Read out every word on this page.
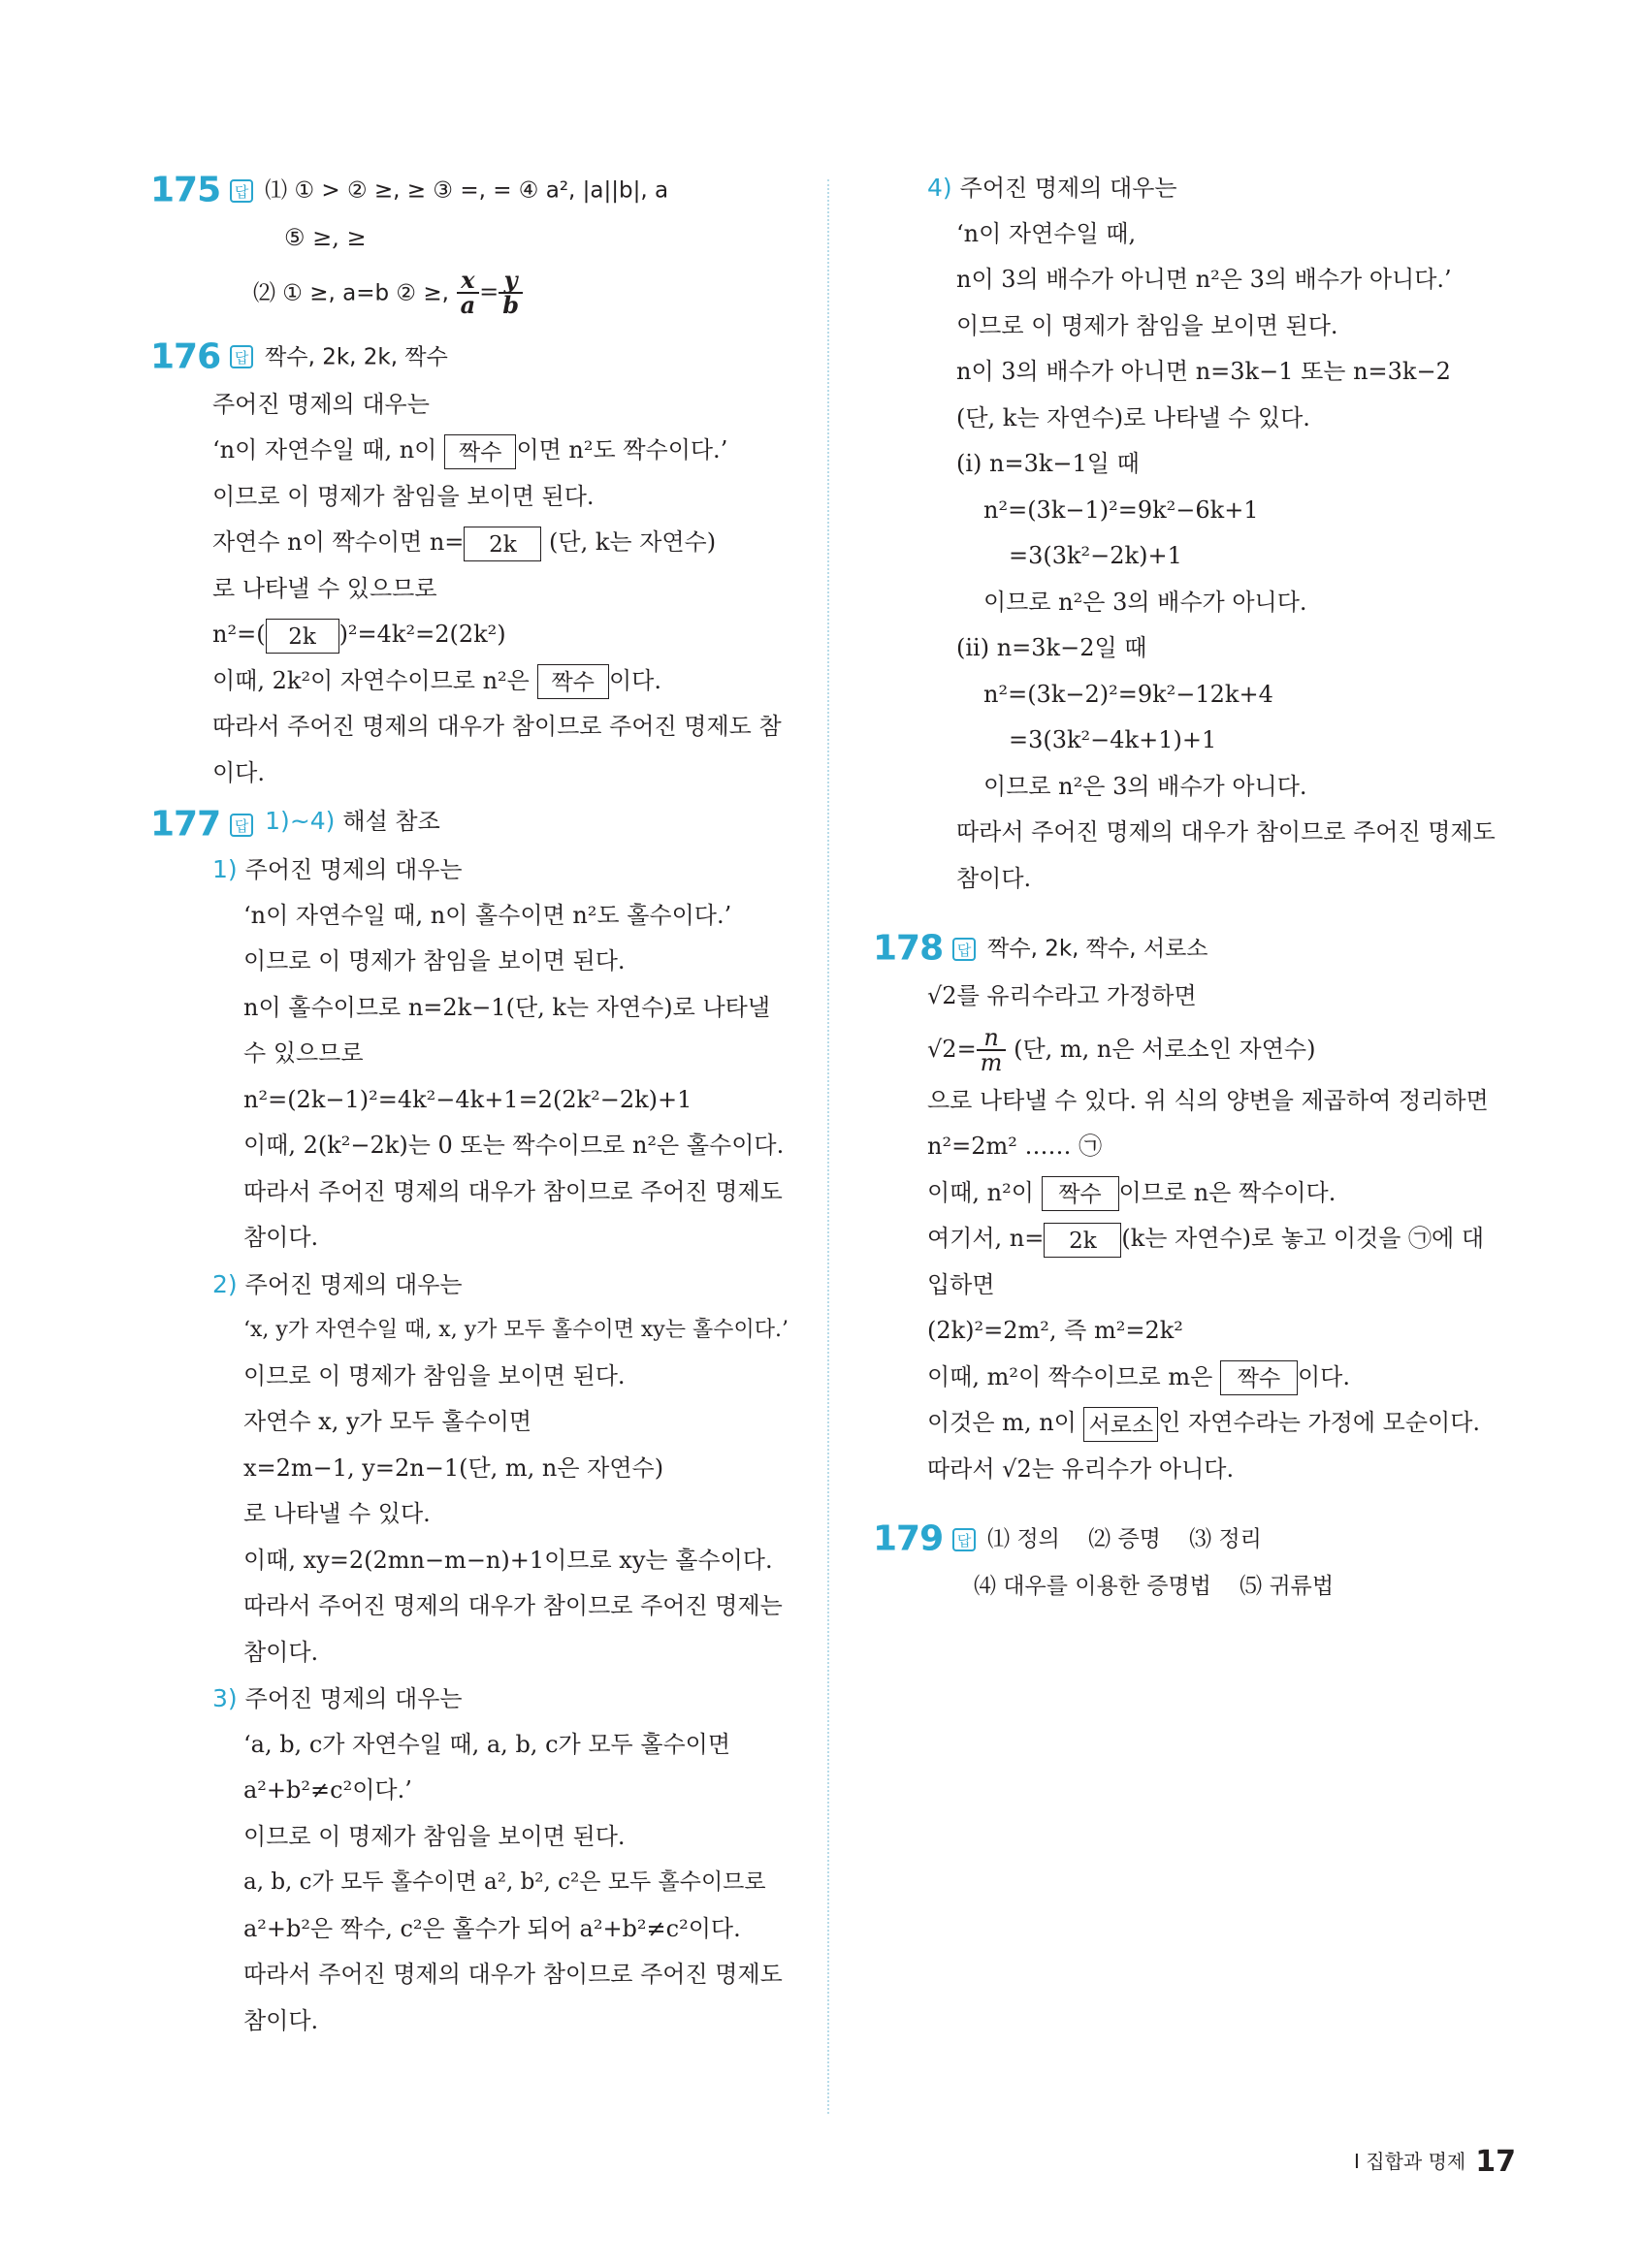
175 답 ⑴ ① > ② ≥, ≥ ③ =, = ④ a², |a||b|, a
⑤ ≥, ≥
⑵ ① ≥, a=b ② ≥, $\frac{x}{a} = \frac{y}{b}$
176 답 짝수, 2k, 2k, 짝수
주어진 명제의 대우는
‘n이 자연수일 때, n이 짝수 이면 n²도 짝수이다.’
이므로 이 명제가 참임을 보이면 된다.
자연수 n이 짝수이면 n= 2k (단, k는 자연수)
로 나타낼 수 있으므로
n²=( 2k )²=4k²=2(2k²)
이때, 2k²이 자연수이므로 n²은 짝수 이다.
따라서 주어진 명제의 대우가 참이므로 주어진 명제도 참
이다.
177 답 1)~4) 해설 참조
1) 주어진 명제의 대우는
‘n이 자연수일 때, n이 홀수이면 n²도 홀수이다.’
이므로 이 명제가 참임을 보이면 된다.
n이 홀수이므로 n=2k−1(단, k는 자연수)로 나타낼
수 있으므로
n²=(2k−1)²=4k²−4k+1=2(2k²−2k)+1
이때, 2(k²−2k)는 0 또는 짝수이므로 n²은 홀수이다.
따라서 주어진 명제의 대우가 참이므로 주어진 명제도
참이다.
2) 주어진 명제의 대우는
‘x, y가 자연수일 때, x, y가 모두 홀수이면 xy는 홀수이다.’
이므로 이 명제가 참임을 보이면 된다.
자연수 x, y가 모두 홀수이면
x=2m−1, y=2n−1(단, m, n은 자연수)
로 나타낼 수 있다.
이때, xy=2(2mn−m−n)+1이므로 xy는 홀수이다.
따라서 주어진 명제의 대우가 참이므로 주어진 명제는
참이다.
3) 주어진 명제의 대우는
‘a, b, c가 자연수일 때, a, b, c가 모두 홀수이면
a²+b²≠c²이다.’
이므로 이 명제가 참임을 보이면 된다.
a, b, c가 모두 홀수이면 a², b², c²은 모두 홀수이므로
a²+b²은 짝수, c²은 홀수가 되어 a²+b²≠c²이다.
따라서 주어진 명제의 대우가 참이므로 주어진 명제도
참이다.
4) 주어진 명제의 대우는
‘n이 자연수일 때,
n이 3의 배수가 아니면 n²은 3의 배수가 아니다.’
이므로 이 명제가 참임을 보이면 된다.
n이 3의 배수가 아니면 n=3k−1 또는 n=3k−2
(단, k는 자연수)로 나타낼 수 있다.
(i) n=3k−1일 때
n²=(3k−1)²=9k²−6k+1
=3(3k²−2k)+1
이므로 n²은 3의 배수가 아니다.
(ii) n=3k−2일 때
n²=(3k−2)²=9k²−12k+4
=3(3k²−4k+1)+1
이므로 n²은 3의 배수가 아니다.
따라서 주어진 명제의 대우가 참이므로 주어진 명제도
참이다.
178 답 짝수, 2k, 짝수, 서로소
√2를 유리수라고 가정하면
$√2= \frac{n}{m}$ (단, m, n은 서로소인 자연수)
으로 나타낼 수 있다. 위 식의 양변을 제곱하여 정리하면
n²=2m² …… ㉠
이때, n²이 짝수 이므로 n은 짝수이다.
여기서, n= 2k (k는 자연수)로 놓고 이것을 ㉠에 대
입하면
(2k)²=2m², 즉 m²=2k²
이때, m²이 짝수이므로 m은 짝수 이다.
이것은 m, n이 서로소 인 자연수라는 가정에 모순이다.
따라서 √2는 유리수가 아니다.
179 답 ⑴ 정의    ⑵ 증명    ⑶ 정리
⑷ 대우를 이용한 증명법    ⑸ 귀류법
Ⅰ 집합과 명제 17
